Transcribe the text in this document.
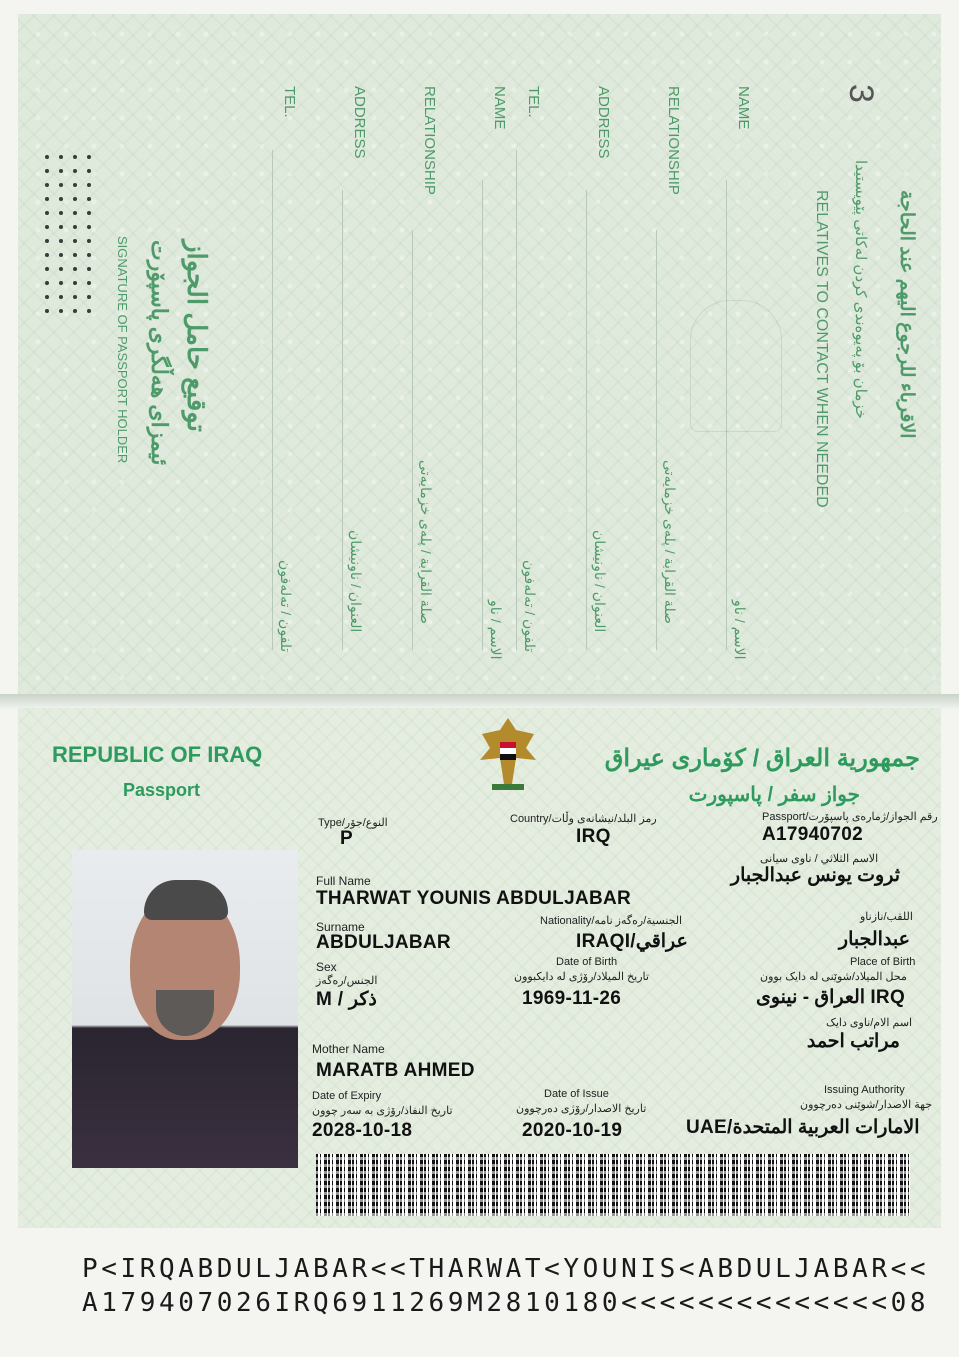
3
الاقرباء للرجوع اليهم عند الحاجة
خزمان بۆ پەیوەندی كردن لەكاتی پێویستیدا
RELATIVES TO CONTACT WHEN NEEDED
NAME
RELATIONSHIP
ADDRESS
TEL.
NAME
RELATIONSHIP
ADDRESS
TEL.
الاسم / ناو
صلة القرابة / پلەی خزمایەتی
العنوان / ناونیشان
تلفون / تەلەفون
الاسم / ناو
صلة القرابة / پلەی خزمایەتی
العنوان / ناونیشان
تلفون / تەلەفون
توقيع حامل الجواز
ئیمزای هەڵگری پاسپۆرت
SIGNATURE OF PASSPORT HOLDER
REPUBLIC OF IRAQ
Passport
جمهورية العراق / كۆماری عیراق
جواز سفر / پاسپورت
Type/النوع/جۆر
P
Country/رمز البلد/نیشانەی وڵات
IRQ
Passport/رقم الجواز/ژمارەی پاسپۆرت
A17940702
الاسم الثلاثي / ناوی سیانی
ثروت يونس عبدالجبار
Full Name
THARWAT YOUNIS ABDULJABAR
Surname
ABDULJABAR
Nationality/الجنسية/رەگەز نامە
IRAQI/عراقي
اللقب/نازناو
عبدالجبار
Sex
الجنس/رەگەز
M / ذكر
Date of Birth
تاريخ الميلاد/رۆژی لە دایکبوون
1969-11-26
Place of Birth
محل الميلاد/شوێنی لە دایک بوون
العراق - نينوى IRQ
اسم الام/ناوی دایک
مراتب احمد
Mother Name
MARATB AHMED
Date of Expiry
تاريخ النفاذ/رۆژی بە سەر چوون
2028-10-18
Date of Issue
تاريخ الاصدار/رۆژی دەرچوون
2020-10-19
Issuing Authority
جهة الاصدار/شوێنی دەرچوون
UAE/الامارات العربية المتحدة
P<IRQABDULJABAR<<THARWAT<YOUNIS<ABDULJABAR<<
A179407026IRQ6911269M2810180<<<<<<<<<<<<<<08
